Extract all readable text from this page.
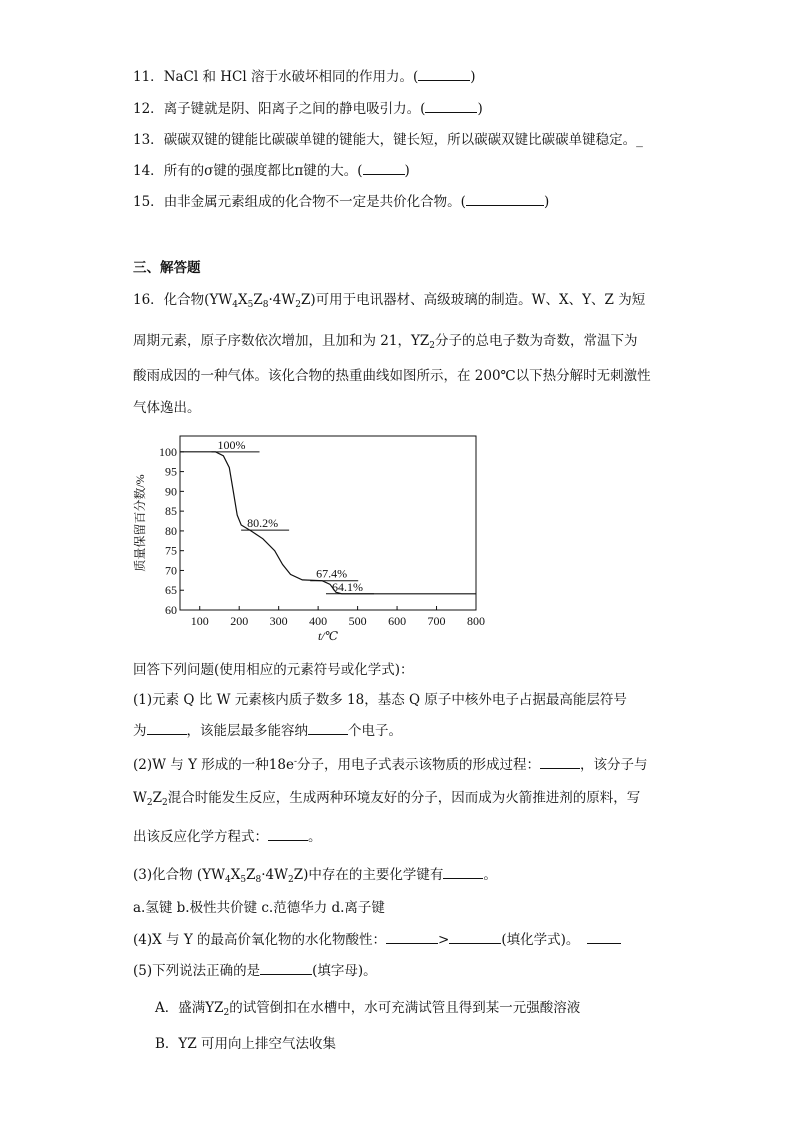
11．NaCl 和 HCl 溶于水破坏相同的作用力。(	)
12．离子键就是阴、阳离子之间的静电吸引力。(	)
13．碳碳双键的键能比碳碳单键的键能大，键长短，所以碳碳双键比碳碳单键稳定。_
14．所有的σ键的强度都比π键的大。(	)
15．由非金属元素组成的化合物不一定是共价化合物。(	)
三、解答题
16．化合物$(YW_4X_5Z_8\cdot 4W_2Z)$可用于电讯器材、高级玻璃的制造。W、X、Y、Z 为短
周期元素，原子序数依次增加，且加和为 21，$YZ_2$分子的总电子数为奇数，常温下为
酸雨成因的一种气体。该化合物的热重曲线如图所示，在 200℃以下热分解时无刺激性
气体逸出。
100 200 300 400 500 600 700 800
60
65
70
75
80
85
90
95
100	100%
80.2%
67.4%
64.1%
t/℃
质量保留百分数/%
回答下列问题(使用相应的元素符号或化学式)：
(1)元素 Q 比 W 元素核内质子数多 18，基态 Q 原子中核外电子占据最高能层符号
为	，该能层最多能容纳	个电子。
(2)W 与 Y 形成的一种18e-分子，用电子式表示该物质的形成过程：	，该分子与
$W_2Z_2$混合时能发生反应，生成两种环境友好的分子，因而成为火箭推进剂的原料，写
出该反应化学方程式：	。
(3)化合物 $(YW_4X_5Z_8\cdot 4W_2Z)$中存在的主要化学键有	。
a.氢键 b.极性共价键 c.范德华力 d.离子键
(4)X 与 Y 的最高价氧化物的水化物酸性：	>	(填化学式)。
(5)下列说法正确的是	(填字母)。
A．盛满$YZ_2$的试管倒扣在水槽中，水可充满试管且得到某一元强酸溶液
B．YZ 可用向上排空气法收集
